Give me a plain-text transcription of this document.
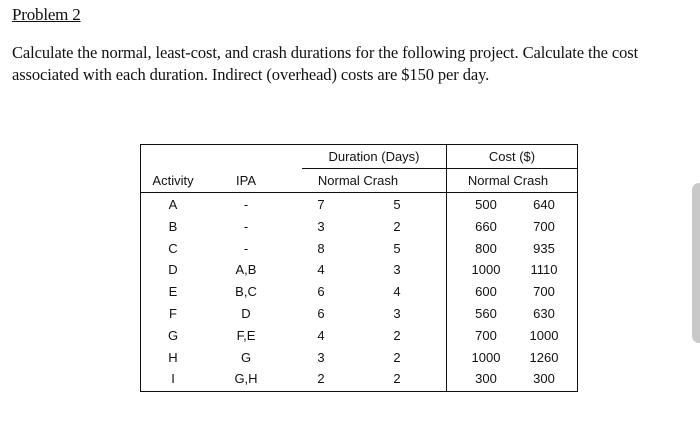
Problem 2
Calculate the normal, least-cost, and crash durations for the following project. Calculate the cost
associated with each duration. Indirect (overhead) costs are $150 per day.
Duration (Days)	Cost ($)
Activity	IPA	Normal Crash	Normal Crash
A	-	7	5	500	640
B	-	3	2	660	700
C	-	8	5	800	935
D	A,B	4	3	1000	1110
E	B,C	6	4	600	700
F	D	6	3	560	630
G	F,E	4	2	700	1000
H	G	3	2	1000	1260
I	G,H	2	2	300	300
